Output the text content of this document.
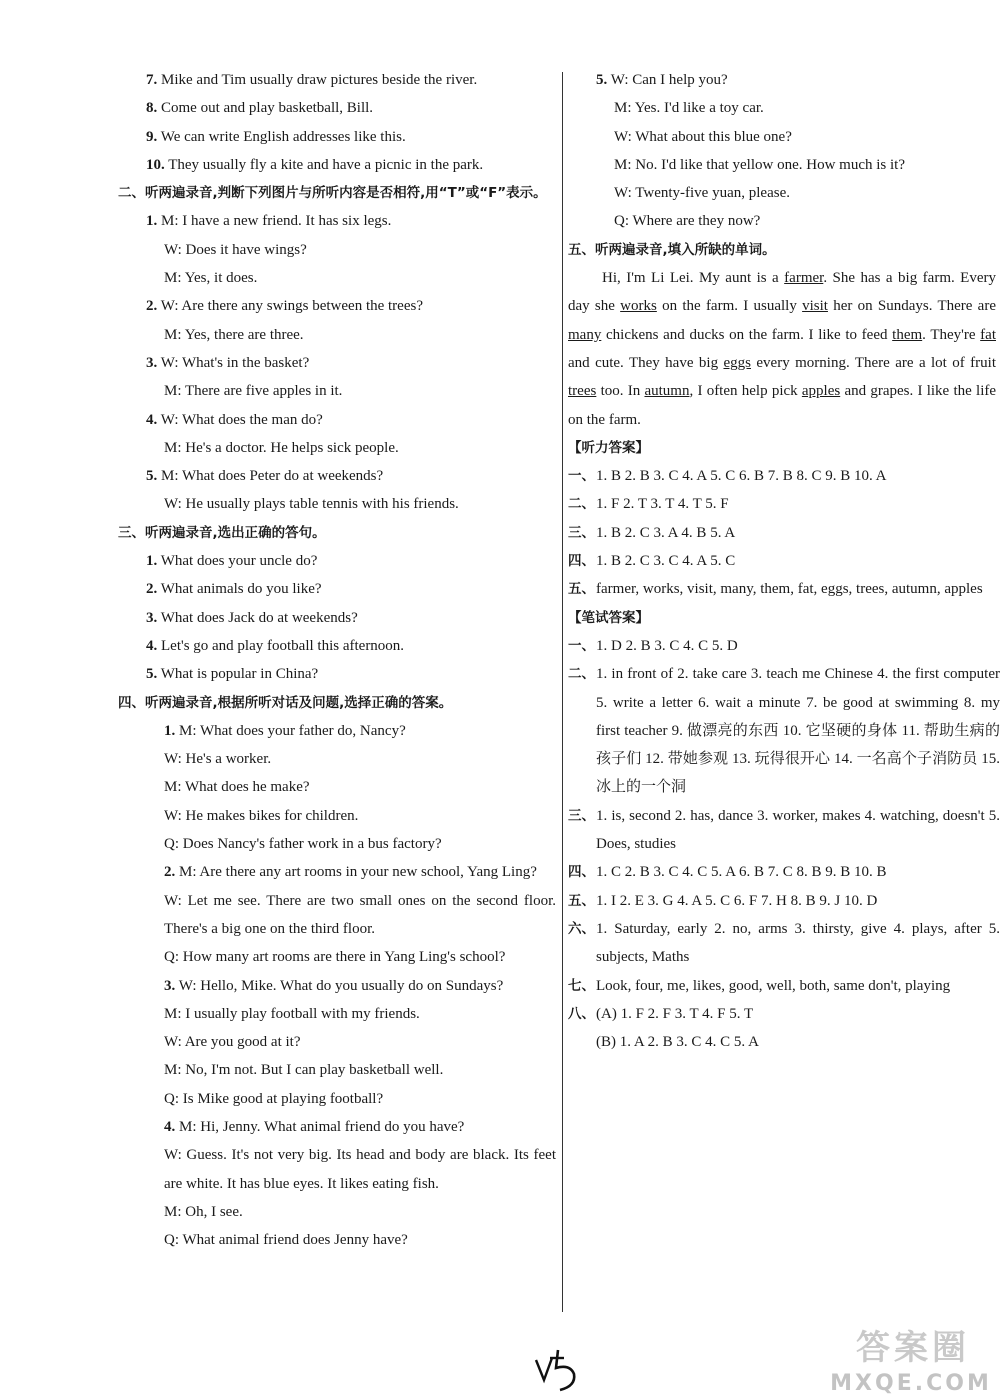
7. Mike and Tim usually draw pictures beside the river.
8. Come out and play basketball, Bill.
9. We can write English addresses like this.
10. They usually fly a kite and have a picnic in the park.
二、听两遍录音,判断下列图片与所听内容是否相符,用“T”或“F”表示。
1. M: I have a new friend. It has six legs.
W: Does it have wings?
M: Yes, it does.
2. W: Are there any swings between the trees?
M: Yes, there are three.
3. W: What's in the basket?
M: There are five apples in it.
4. W: What does the man do?
M: He's a doctor. He helps sick people.
5. M: What does Peter do at weekends?
W: He usually plays table tennis with his friends.
三、听两遍录音,选出正确的答句。
1. What does your uncle do?
2. What animals do you like?
3. What does Jack do at weekends?
4. Let's go and play football this afternoon.
5. What is popular in China?
四、听两遍录音,根据所听对话及问题,选择正确的答案。
1. M: What does your father do, Nancy?
W: He's a worker.
M: What does he make?
W: He makes bikes for children.
Q: Does Nancy's father work in a bus factory?
2. M: Are there any art rooms in your new school, Yang Ling?
W: Let me see. There are two small ones on the second floor. There's a big one on the third floor.
Q: How many art rooms are there in Yang Ling's school?
3. W: Hello, Mike. What do you usually do on Sundays?
M: I usually play football with my friends.
W: Are you good at it?
M: No, I'm not. But I can play basketball well.
Q: Is Mike good at playing football?
4. M: Hi, Jenny. What animal friend do you have?
W: Guess. It's not very big. Its head and body are black. Its feet are white. It has blue eyes. It likes eating fish.
M: Oh, I see.
Q: What animal friend does Jenny have?
5. W: Can I help you?
M: Yes. I'd like a toy car.
W: What about this blue one?
M: No. I'd like that yellow one. How much is it?
W: Twenty-five yuan, please.
Q: Where are they now?
五、听两遍录音,填入所缺的单词。
Hi, I'm Li Lei. My aunt is a farmer. She has a big farm. Every day she works on the farm. I usually visit her on Sundays. There are many chickens and ducks on the farm. I like to feed them. They're fat and cute. They have big eggs every morning. There are a lot of fruit trees too. In autumn, I often help pick apples and grapes. I like the life on the farm.
【听力答案】
一、1. B 2. B 3. C 4. A 5. C 6. B 7. B 8. C 9. B 10. A
二、1. F 2. T 3. T 4. T 5. F
三、1. B 2. C 3. A 4. B 5. A
四、1. B 2. C 3. C 4. A 5. C
五、farmer, works, visit, many, them, fat, eggs, trees, autumn, apples
【笔试答案】
一、1. D 2. B 3. C 4. C 5. D
二、1. in front of 2. take care 3. teach me Chinese 4. the first computer 5. write a letter 6. wait a minute 7. be good at swimming 8. my first teacher 9. 做漂亮的东西 10. 它坚硬的身体 11. 帮助生病的孩子们 12. 带她参观 13. 玩得很开心 14. 一名高个子消防员 15. 冰上的一个洞
三、1. is, second 2. has, dance 3. worker, makes 4. watching, doesn't 5. Does, studies
四、1. C 2. B 3. C 4. C 5. A 6. B 7. C 8. B 9. B 10. B
五、1. I 2. E 3. G 4. A 5. C 6. F 7. H 8. B 9. J 10. D
六、1. Saturday, early 2. no, arms 3. thirsty, give 4. plays, after 5. subjects, Maths
七、Look, four, me, likes, good, well, both, same don't, playing
八、(A) 1. F 2. F 3. T 4. F 5. T
(B) 1. A 2. B 3. C 4. C 5. A
答案圈
MXQE.COM
